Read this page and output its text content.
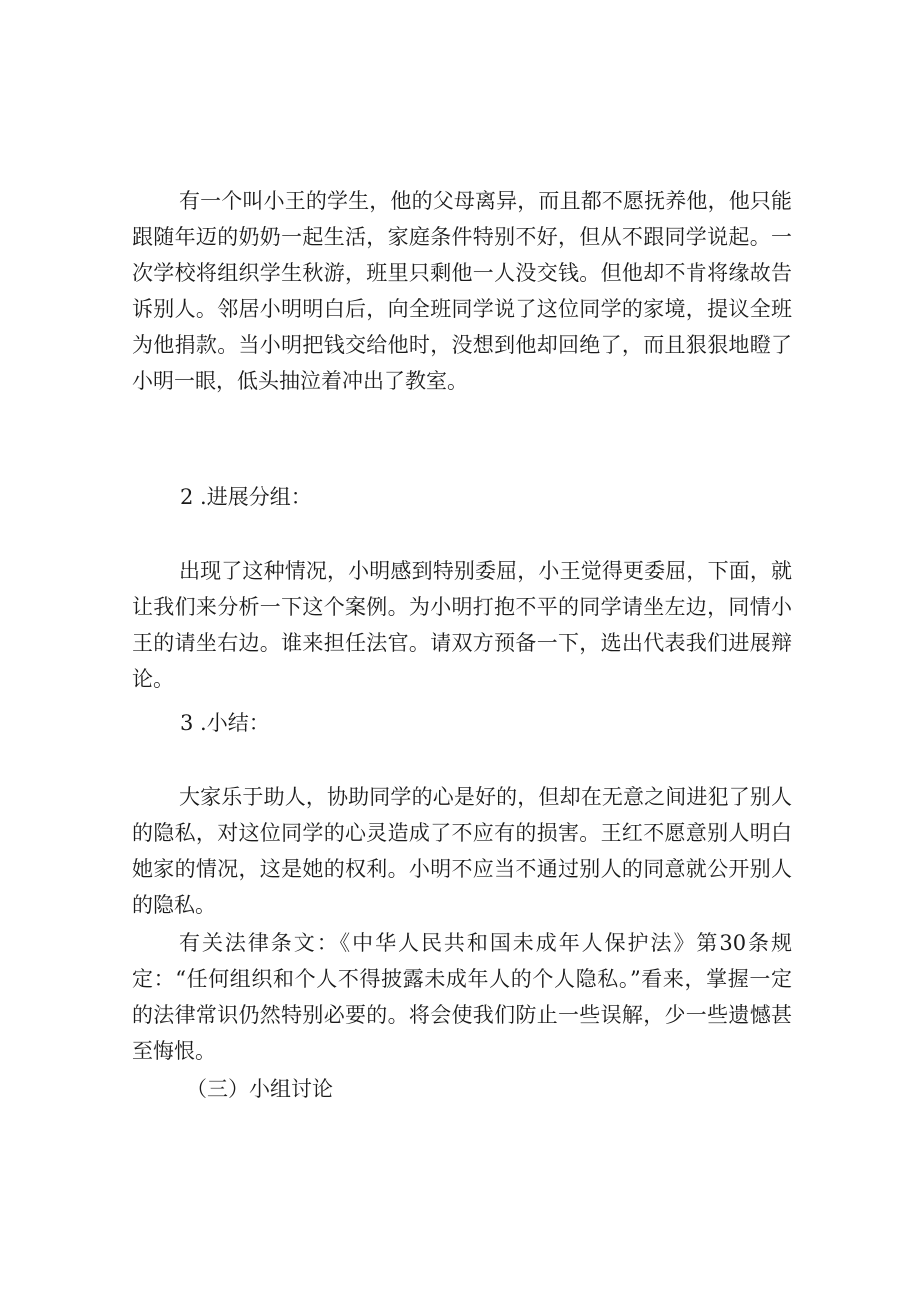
有一个叫小王的学生，他的父母离异，而且都不愿抚养他，他只能跟随年迈的奶奶一起生活，家庭条件特别不好，但从不跟同学说起。一次学校将组织学生秋游，班里只剩他一人没交钱。但他却不肯将缘故告诉别人。邻居小明明白后，向全班同学说了这位同学的家境，提议全班为他捐款。当小明把钱交给他时，没想到他却回绝了，而且狠狠地瞪了小明一眼，低头抽泣着冲出了教室。

2 .进展分组：

出现了这种情况，小明感到特别委屈，小王觉得更委屈，下面，就让我们来分析一下这个案例。为小明打抱不平的同学请坐左边，同情小王的请坐右边。谁来担任法官。请双方预备一下，选出代表我们进展辩论。

3 .小结：

大家乐于助人，协助同学的心是好的，但却在无意之间进犯了别人的隐私，对这位同学的心灵造成了不应有的损害。王红不愿意别人明白她家的情况，这是她的权利。小明不应当不通过别人的同意就公开别人的隐私。

有关法律条文：《中华人民共和国未成年人保护法》第30条规定：“任何组织和个人不得披露未成年人的个人隐私。”看来，掌握一定的法律常识仍然特别必要的。将会使我们防止一些误解，少一些遗憾甚至悔恨。

（三）小组讨论
